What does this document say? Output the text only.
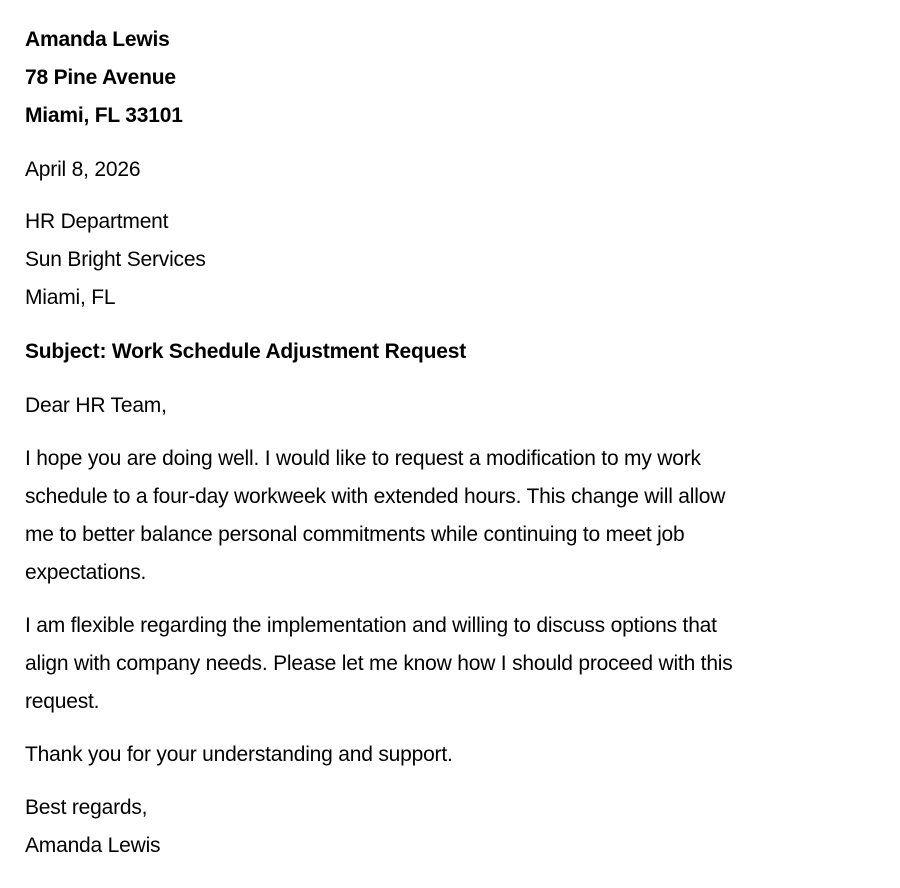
Amanda Lewis
78 Pine Avenue
Miami, FL 33101
April 8, 2026
HR Department
Sun Bright Services
Miami, FL
Subject: Work Schedule Adjustment Request
Dear HR Team,
I hope you are doing well. I would like to request a modification to my work
schedule to a four-day workweek with extended hours. This change will allow
me to better balance personal commitments while continuing to meet job
expectations.
I am flexible regarding the implementation and willing to discuss options that
align with company needs. Please let me know how I should proceed with this
request.
Thank you for your understanding and support.
Best regards,
Amanda Lewis
